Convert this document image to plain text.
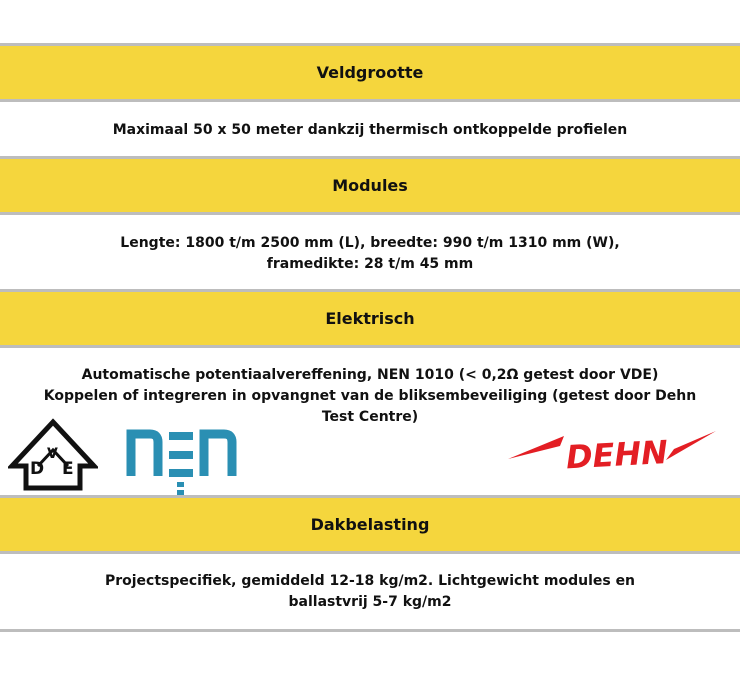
Veldgrootte
Maximaal 50 x 50 meter dankzij thermisch ontkoppelde profielen
Modules
Lengte: 1800 t/m 2500 mm (L), breedte: 990 t/m 1310 mm (W),
framedikte: 28 t/m 45 mm
Elektrisch
Automatische potentiaalvereffening, NEN 1010 (< 0,2Ω getest door VDE)
Koppelen of integreren in opvangnet van de bliksembeveiliging (getest door Dehn
Test Centre)
D
V
E	DEHN
Dakbelasting
Projectspecifiek, gemiddeld 12-18 kg/m2. Lichtgewicht modules en
ballastvrij 5-7 kg/m2
